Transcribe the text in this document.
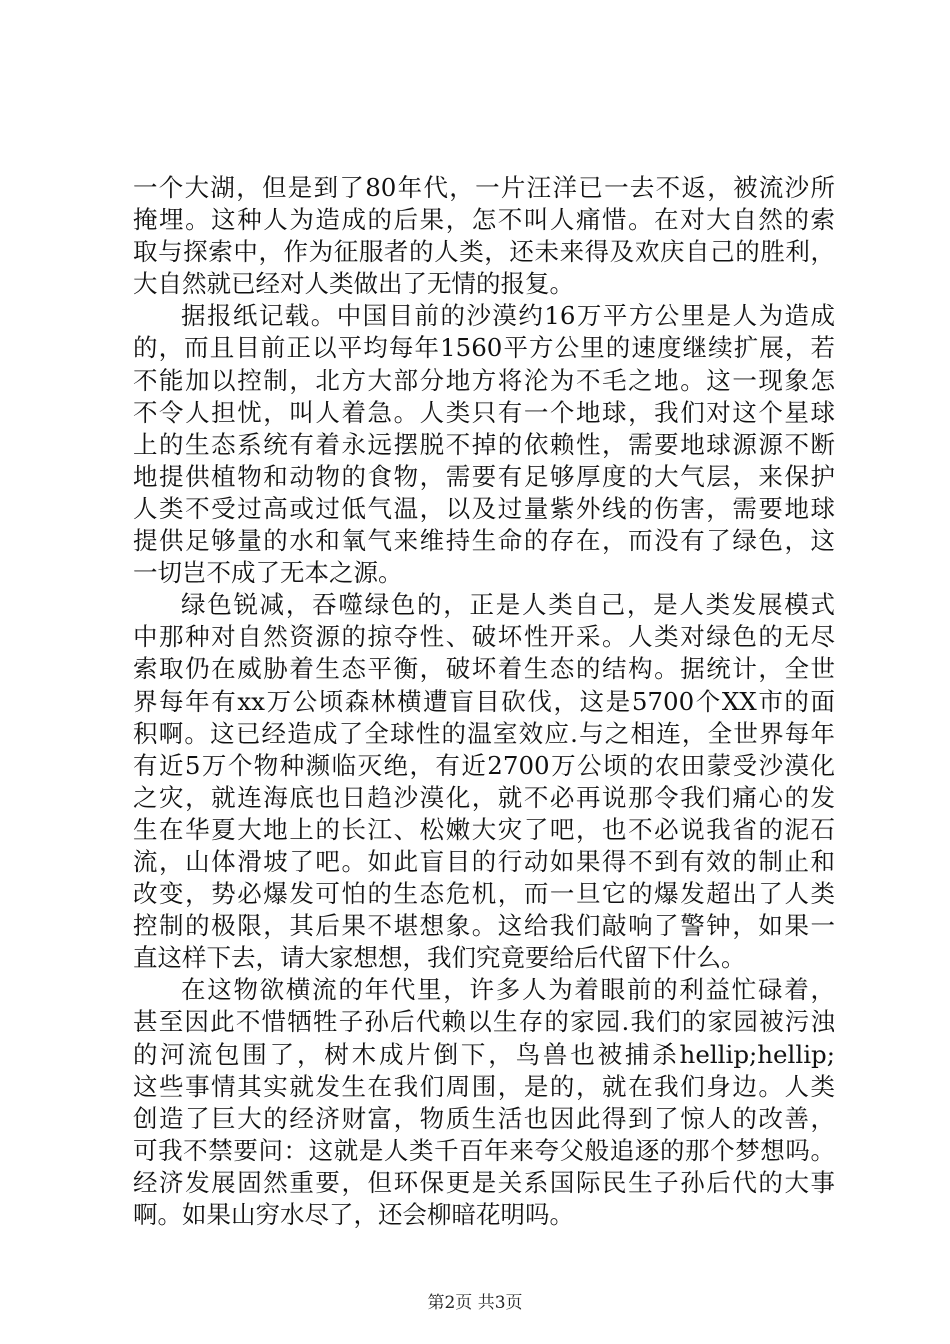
一个大湖，但是到了80年代，一片汪洋已一去不返，被流沙所
掩埋。这种人为造成的后果，怎不叫人痛惜。在对大自然的索
取与探索中，作为征服者的人类，还未来得及欢庆自己的胜利，
大自然就已经对人类做出了无情的报复。
据报纸记载。中国目前的沙漠约16万平方公里是人为造成
的，而且目前正以平均每年1560平方公里的速度继续扩展，若
不能加以控制，北方大部分地方将沦为不毛之地。这一现象怎
不令人担忧，叫人着急。人类只有一个地球，我们对这个星球
上的生态系统有着永远摆脱不掉的依赖性，需要地球源源不断
地提供植物和动物的食物，需要有足够厚度的大气层，来保护
人类不受过高或过低气温，以及过量紫外线的伤害，需要地球
提供足够量的水和氧气来维持生命的存在，而没有了绿色，这
一切岂不成了无本之源。
绿色锐减，吞噬绿色的，正是人类自己，是人类发展模式
中那种对自然资源的掠夺性、破坏性开采。人类对绿色的无尽
索取仍在威胁着生态平衡，破坏着生态的结构。据统计，全世
界每年有xx万公顷森林横遭盲目砍伐，这是5700个XX市的面
积啊。这已经造成了全球性的温室效应.与之相连，全世界每年
有近5万个物种濒临灭绝，有近2700万公顷的农田蒙受沙漠化
之灾，就连海底也日趋沙漠化，就不必再说那令我们痛心的发
生在华夏大地上的长江、松嫩大灾了吧，也不必说我省的泥石
流，山体滑坡了吧。如此盲目的行动如果得不到有效的制止和
改变，势必爆发可怕的生态危机，而一旦它的爆发超出了人类
控制的极限，其后果不堪想象。这给我们敲响了警钟，如果一
直这样下去，请大家想想，我们究竟要给后代留下什么。
在这物欲横流的年代里，许多人为着眼前的利益忙碌着，
甚至因此不惜牺牲子孙后代赖以生存的家园.我们的家园被污浊
的河流包围了，树木成片倒下，鸟兽也被捕杀hellip;hellip;
这些事情其实就发生在我们周围，是的，就在我们身边。人类
创造了巨大的经济财富，物质生活也因此得到了惊人的改善，
可我不禁要问：这就是人类千百年来夸父般追逐的那个梦想吗。
经济发展固然重要，但环保更是关系国际民生子孙后代的大事
啊。如果山穷水尽了，还会柳暗花明吗。
第2页 共3页
